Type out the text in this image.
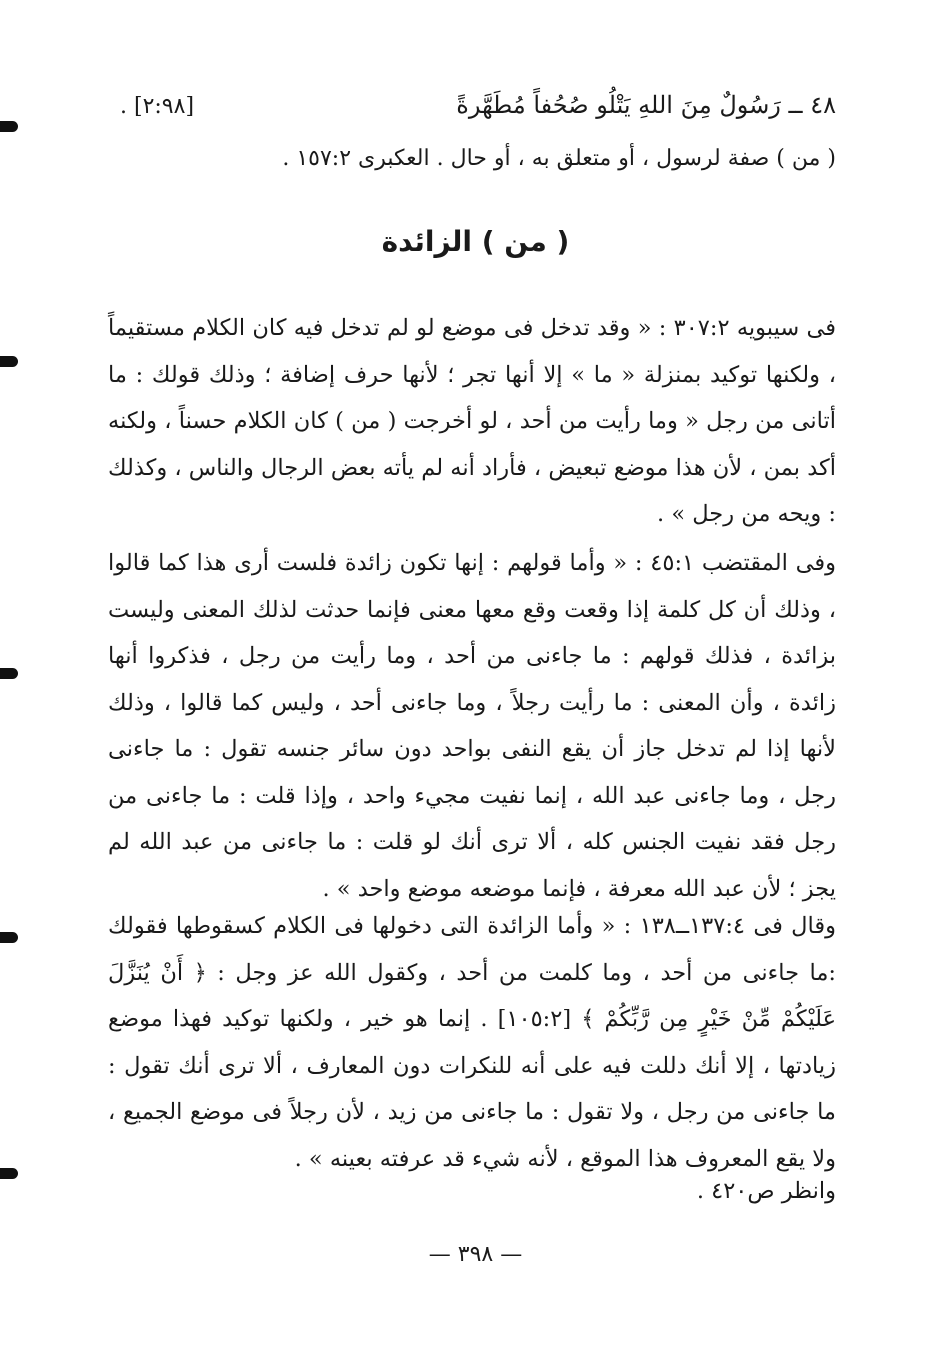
٤٨ ــ رَسُولٌ مِنَ اللهِ يَتْلُو صُحُفاً مُطَهَّرةً
[٢:٩٨] .
( من ) صفة لرسول ، أو متعلق به ، أو حال . العكبرى ١٥٧:٢ .
( من ) الزائدة

فى سيبويه ٣٠٧:٢ : « وقد تدخل فى موضع لو لم تدخل فيه كان الكلام مستقيماً ، ولكنها توكيد بمنزلة « ما » إلا أنها تجر ؛ لأنها حرف إضافة ؛ وذلك قولك : ما أتانى من رجل « وما رأيت من أحد ، لو أخرجت ( من ) كان الكلام حسناً ، ولكنه أكد بمن ، لأن هذا موضع تبعيض ، فأراد أنه لم يأته بعض الرجال والناس ، وكذلك : ويحه من رجل » .

وفى المقتضب ٤٥:١ : « وأما قولهم : إنها تكون زائدة فلست أرى هذا كما قالوا ، وذلك أن كل كلمة إذا وقعت وقع معها معنى فإنما حدثت لذلك المعنى وليست بزائدة ، فذلك قولهم : ما جاءنى من أحد ، وما رأيت من رجل ، فذكروا أنها زائدة ، وأن المعنى : ما رأيت رجلاً ، وما جاءنى أحد ، وليس كما قالوا ، وذلك لأنها إذا لم تدخل جاز أن يقع النفى بواحد دون سائر جنسه تقول : ما جاءنى رجل ، وما جاءنى عبد الله ، إنما نفيت مجيء واحد ، وإذا قلت : ما جاءنى من رجل فقد نفيت الجنس كله ، ألا ترى أنك لو قلت : ما جاءنى من عبد الله لم يجز ؛ لأن عبد الله معرفة ، فإنما موضعه موضع واحد » .

وقال فى ١٣٧:٤ــ١٣٨ : « وأما الزائدة التى دخولها فى الكلام كسقوطها فقولك :ما جاءنى من أحد ، وما كلمت من أحد ، وكقول الله عز وجل : ﴿ أَنْ يُنَزَّلَ عَلَيْكُمْ مِّنْ خَيْرٍ مِن رَّبِّكُمْ ﴾ [١٠٥:٢] . إنما هو خير ، ولكنها توكيد فهذا موضع زيادتها ، إلا أنك دللت فيه على أنه للنكرات دون المعارف ، ألا ترى أنك تقول : ما جاءنى من رجل ، ولا تقول : ما جاءنى من زيد ، لأن رجلاً فى موضع الجميع ، ولا يقع المعروف هذا الموقع ، لأنه شيء قد عرفته بعينه » .

وانظر ص٤٢٠ .
— ٣٩٨ —
